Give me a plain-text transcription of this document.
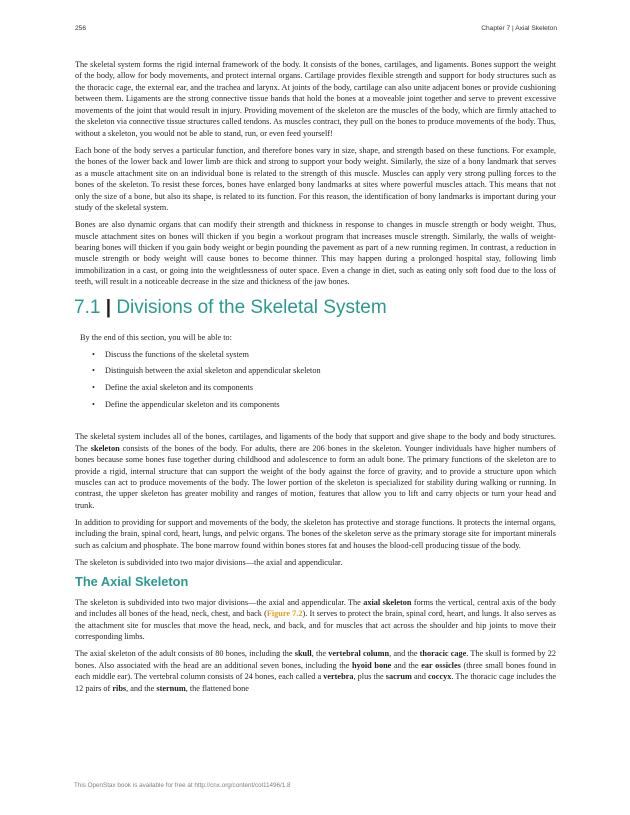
256	Chapter 7 | Axial Skeleton

The skeletal system forms the rigid internal framework of the body. It consists of the bones, cartilages, and ligaments. Bones support the weight of the body, allow for body movements, and protect internal organs. Cartilage provides flexible strength and support for body structures such as the thoracic cage, the external ear, and the trachea and larynx. At joints of the body, cartilage can also unite adjacent bones or provide cushioning between them. Ligaments are the strong connective tissue bands that hold the bones at a moveable joint together and serve to prevent excessive movements of the joint that would result in injury. Providing movement of the skeleton are the muscles of the body, which are firmly attached to the skeleton via connective tissue structures called tendons. As muscles contract, they pull on the bones to produce movements of the body. Thus, without a skeleton, you would not be able to stand, run, or even feed yourself!

Each bone of the body serves a particular function, and therefore bones vary in size, shape, and strength based on these functions. For example, the bones of the lower back and lower limb are thick and strong to support your body weight. Similarly, the size of a bony landmark that serves as a muscle attachment site on an individual bone is related to the strength of this muscle. Muscles can apply very strong pulling forces to the bones of the skeleton. To resist these forces, bones have enlarged bony landmarks at sites where powerful muscles attach. This means that not only the size of a bone, but also its shape, is related to its function. For this reason, the identification of bony landmarks is important during your study of the skeletal system.

Bones are also dynamic organs that can modify their strength and thickness in response to changes in muscle strength or body weight. Thus, muscle attachment sites on bones will thicken if you begin a workout program that increases muscle strength. Similarly, the walls of weight-bearing bones will thicken if you gain body weight or begin pounding the pavement as part of a new running regimen. In contrast, a reduction in muscle strength or body weight will cause bones to become thinner. This may happen during a prolonged hospital stay, following limb immobilization in a cast, or going into the weightlessness of outer space. Even a change in diet, such as eating only soft food due to the loss of teeth, will result in a noticeable decrease in the size and thickness of the jaw bones.

7.1 | Divisions of the Skeletal System

By the end of this section, you will be able to:

• Discuss the functions of the skeletal system
• Distinguish between the axial skeleton and appendicular skeleton
• Define the axial skeleton and its components
• Define the appendicular skeleton and its components

The skeletal system includes all of the bones, cartilages, and ligaments of the body that support and give shape to the body and body structures. The skeleton consists of the bones of the body. For adults, there are 206 bones in the skeleton. Younger individuals have higher numbers of bones because some bones fuse together during childhood and adolescence to form an adult bone. The primary functions of the skeleton are to provide a rigid, internal structure that can support the weight of the body against the force of gravity, and to provide a structure upon which muscles can act to produce movements of the body. The lower portion of the skeleton is specialized for stability during walking or running. In contrast, the upper skeleton has greater mobility and ranges of motion, features that allow you to lift and carry objects or turn your head and trunk.

In addition to providing for support and movements of the body, the skeleton has protective and storage functions. It protects the internal organs, including the brain, spinal cord, heart, lungs, and pelvic organs. The bones of the skeleton serve as the primary storage site for important minerals such as calcium and phosphate. The bone marrow found within bones stores fat and houses the blood-cell producing tissue of the body.

The skeleton is subdivided into two major divisions—the axial and appendicular.

The Axial Skeleton

The skeleton is subdivided into two major divisions—the axial and appendicular. The axial skeleton forms the vertical, central axis of the body and includes all bones of the head, neck, chest, and back (Figure 7.2). It serves to protect the brain, spinal cord, heart, and lungs. It also serves as the attachment site for muscles that move the head, neck, and back, and for muscles that act across the shoulder and hip joints to move their corresponding limbs.

The axial skeleton of the adult consists of 80 bones, including the skull, the vertebral column, and the thoracic cage. The skull is formed by 22 bones. Also associated with the head are an additional seven bones, including the hyoid bone and the ear ossicles (three small bones found in each middle ear). The vertebral column consists of 24 bones, each called a vertebra, plus the sacrum and coccyx. The thoracic cage includes the 12 pairs of ribs, and the sternum, the flattened bone

This OpenStax book is available for free at http://cnx.org/content/col11496/1.8
